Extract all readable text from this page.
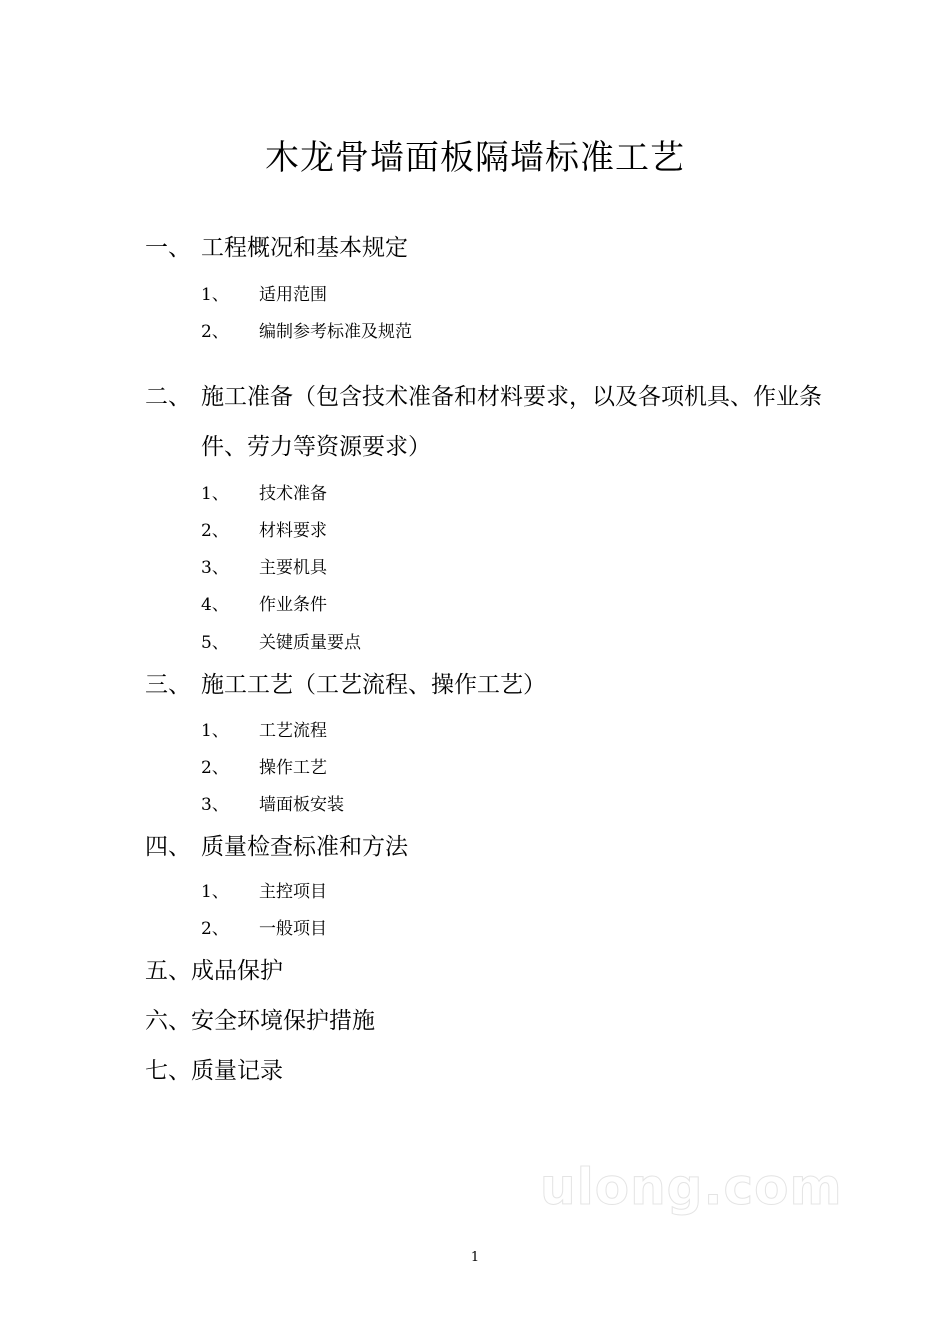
木龙骨墙面板隔墙标准工艺
一、 工程概况和基本规定
1、 适用范围
2、 编制参考标准及规范
二、 施工准备（包含技术准备和材料要求，以及各项机具、作业条件、劳力等资源要求）
1、 技术准备
2、 材料要求
3、 主要机具
4、 作业条件
5、 关键质量要点
三、 施工工艺（工艺流程、操作工艺）
1、 工艺流程
2、 操作工艺
3、 墙面板安装
四、 质量检查标准和方法
1、 主控项目
2、 一般项目
五、成品保护
六、安全环境保护措施
七、质量记录
ulong.com
1
